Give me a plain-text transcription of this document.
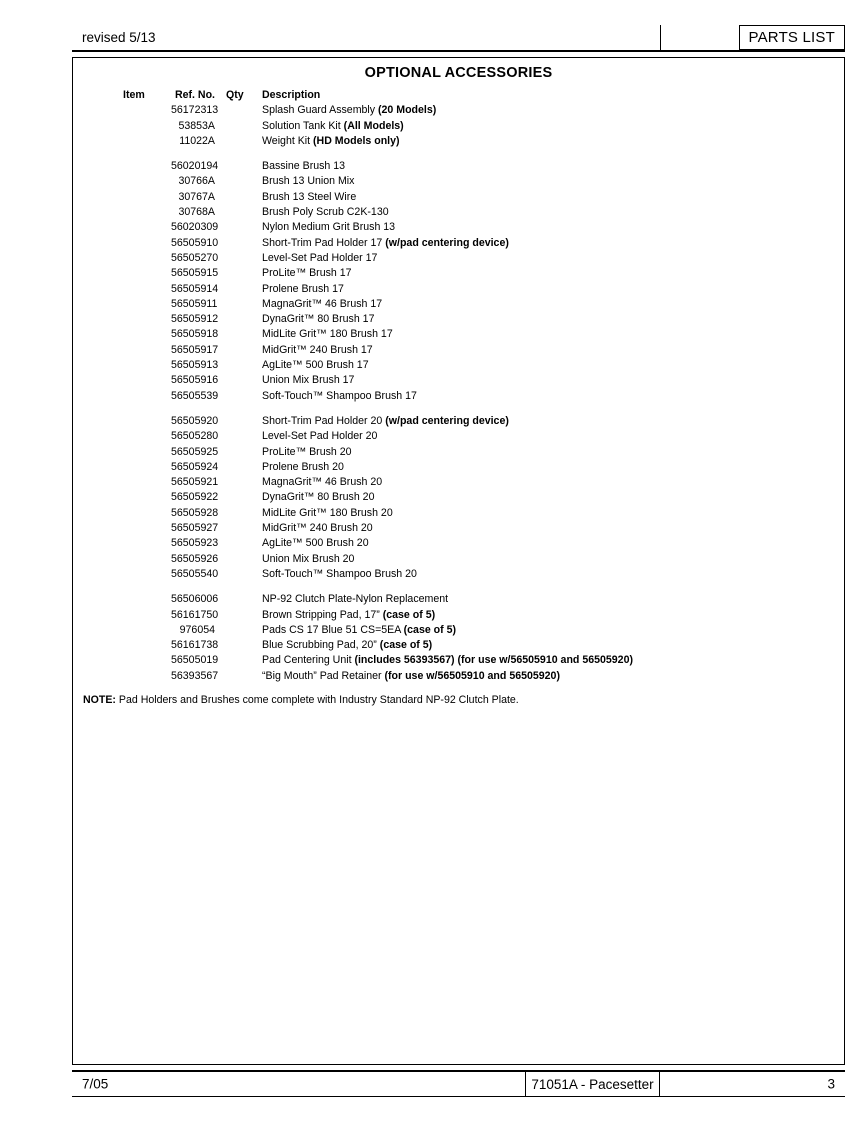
revised 5/13	PARTS LIST
OPTIONAL ACCESSORIES
Item	Ref. No.	Qty	Description
56172313	Splash Guard Assembly (20 Models)
53853A	Solution Tank Kit (All Models)
11022A	Weight Kit (HD Models only)
56020194	Bassine Brush 13
30766A	Brush 13 Union Mix
30767A	Brush 13 Steel Wire
30768A	Brush Poly Scrub C2K-130
56020309	Nylon Medium Grit Brush 13
56505910	Short-Trim Pad Holder 17 (w/pad centering device)
56505270	Level-Set Pad Holder 17
56505915	ProLite™ Brush 17
56505914	Prolene Brush 17
56505911	MagnaGrit™ 46 Brush 17
56505912	DynaGrit™ 80 Brush 17
56505918	MidLite Grit™ 180 Brush 17
56505917	MidGrit™ 240 Brush 17
56505913	AgLite™ 500 Brush 17
56505916	Union Mix Brush 17
56505539	Soft-Touch™ Shampoo Brush 17
56505920	Short-Trim Pad Holder 20 (w/pad centering device)
56505280	Level-Set Pad Holder 20
56505925	ProLite™ Brush 20
56505924	Prolene Brush 20
56505921	MagnaGrit™ 46 Brush 20
56505922	DynaGrit™ 80 Brush 20
56505928	MidLite Grit™ 180 Brush 20
56505927	MidGrit™ 240 Brush 20
56505923	AgLite™ 500 Brush 20
56505926	Union Mix Brush 20
56505540	Soft-Touch™ Shampoo Brush 20
56506006	NP-92 Clutch Plate-Nylon Replacement
56161750	Brown Stripping Pad, 17” (case of 5)
976054	Pads CS 17 Blue 51 CS=5EA (case of 5)
56161738	Blue Scrubbing Pad, 20” (case of 5)
56505019	Pad Centering Unit (includes 56393567) (for use w/56505910 and 56505920)
56393567	“Big Mouth” Pad Retainer (for use w/56505910 and 56505920)
NOTE: Pad Holders and Brushes come complete with Industry Standard NP-92 Clutch Plate.
7/05	71051A - Pacesetter	3
